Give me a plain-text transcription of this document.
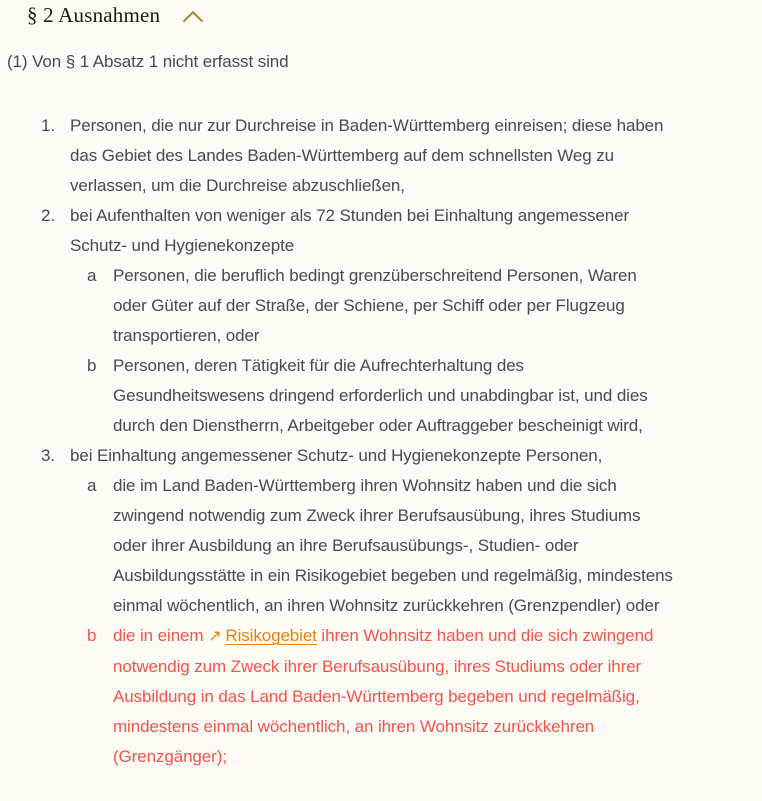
§ 2 Ausnahmen

(1) Von § 1 Absatz 1 nicht erfasst sind

1. Personen, die nur zur Durchreise in Baden-Württemberg einreisen; diese haben das Gebiet des Landes Baden-Württemberg auf dem schnellsten Weg zu verlassen, um die Durchreise abzuschließen,
2. bei Aufenthalten von weniger als 72 Stunden bei Einhaltung angemessener Schutz- und Hygienekonzepte
a Personen, die beruflich bedingt grenzüberschreitend Personen, Waren oder Güter auf der Straße, der Schiene, per Schiff oder per Flugzeug transportieren, oder
b Personen, deren Tätigkeit für die Aufrechterhaltung des Gesundheitswesens dringend erforderlich und unabdingbar ist, und dies durch den Dienstherrn, Arbeitgeber oder Auftraggeber bescheinigt wird,
3. bei Einhaltung angemessener Schutz- und Hygienekonzepte Personen,
a die im Land Baden-Württemberg ihren Wohnsitz haben und die sich zwingend notwendig zum Zweck ihrer Berufsausübung, ihres Studiums oder ihrer Ausbildung an ihre Berufsausübungs-, Studien- oder Ausbildungsstätte in ein Risikogebiet begeben und regelmäßig, mindestens einmal wöchentlich, an ihren Wohnsitz zurückkehren (Grenzpendler) oder
b die in einem ↗ Risikogebiet ihren Wohnsitz haben und die sich zwingend notwendig zum Zweck ihrer Berufsausübung, ihres Studiums oder ihrer Ausbildung in das Land Baden-Württemberg begeben und regelmäßig, mindestens einmal wöchentlich, an ihren Wohnsitz zurückkehren (Grenzgänger);
